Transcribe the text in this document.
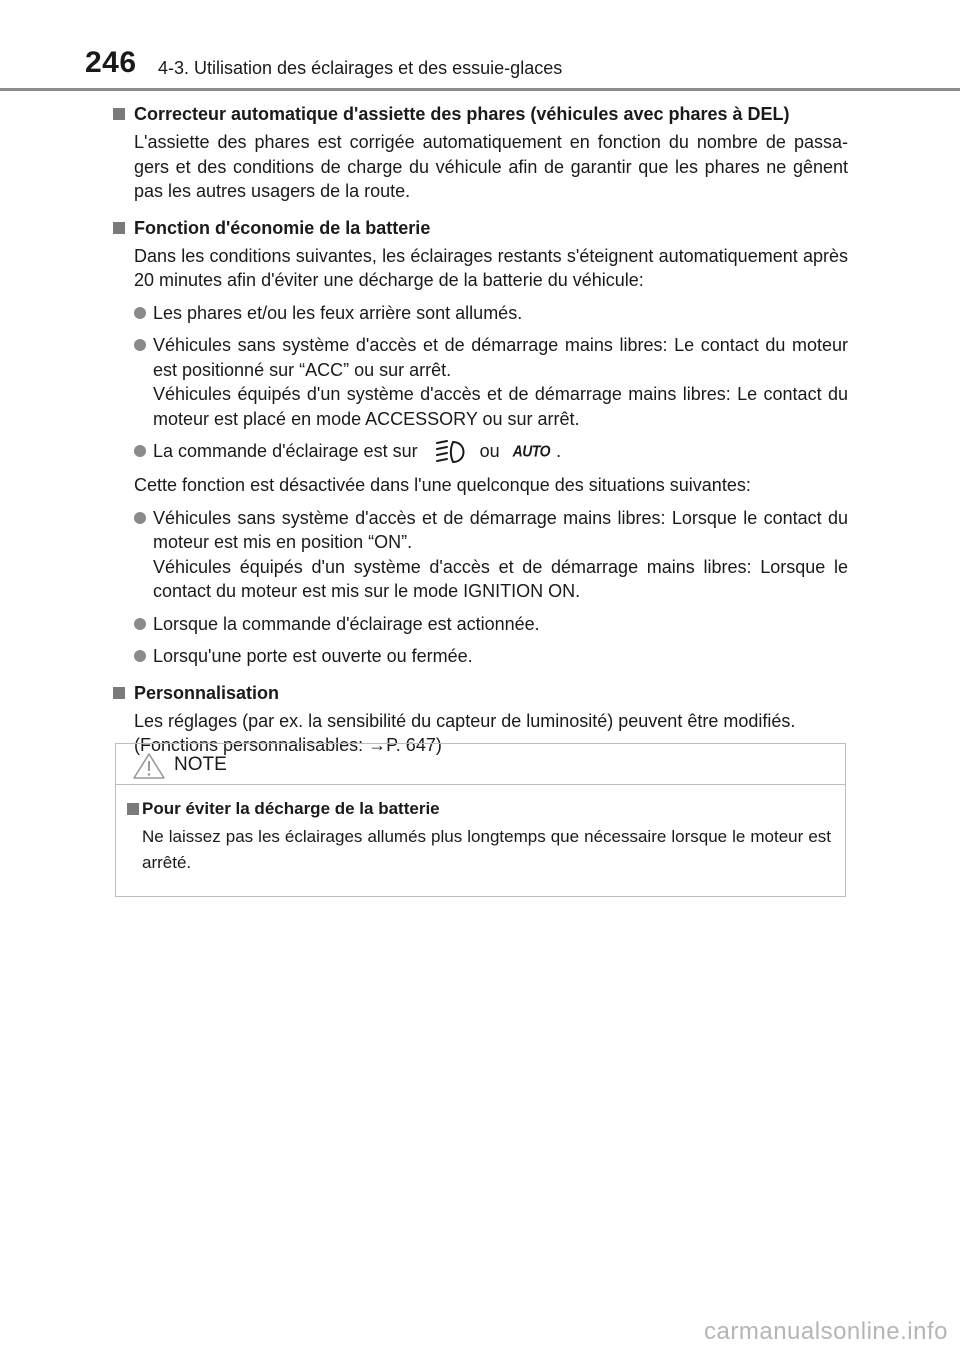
246 4-3. Utilisation des éclairages et des essuie-glaces
Correcteur automatique d'assiette des phares (véhicules avec phares à DEL)
L'assiette des phares est corrigée automatiquement en fonction du nombre de passa-gers et des conditions de charge du véhicule afin de garantir que les phares ne gênent pas les autres usagers de la route.
Fonction d'économie de la batterie
Dans les conditions suivantes, les éclairages restants s'éteignent automatiquement après 20 minutes afin d'éviter une décharge de la batterie du véhicule:
Les phares et/ou les feux arrière sont allumés.
Véhicules sans système d'accès et de démarrage mains libres: Le contact du moteur est positionné sur “ACC” ou sur arrêt.
Véhicules équipés d'un système d'accès et de démarrage mains libres: Le contact du moteur est placé en mode ACCESSORY ou sur arrêt.
La commande d'éclairage est sur	ou AUTO .
Cette fonction est désactivée dans l'une quelconque des situations suivantes:
Véhicules sans système d'accès et de démarrage mains libres: Lorsque le contact du moteur est mis en position “ON”.
Véhicules équipés d'un système d'accès et de démarrage mains libres: Lorsque le contact du moteur est mis sur le mode IGNITION ON.
Lorsque la commande d'éclairage est actionnée.
Lorsqu'une porte est ouverte ou fermée.
Personnalisation
Les réglages (par ex. la sensibilité du capteur de luminosité) peuvent être modifiés.
(Fonctions personnalisables: →P. 647)
NOTE
Pour éviter la décharge de la batterie
Ne laissez pas les éclairages allumés plus longtemps que nécessaire lorsque le moteur est arrêté.
carmanualsonline.info
